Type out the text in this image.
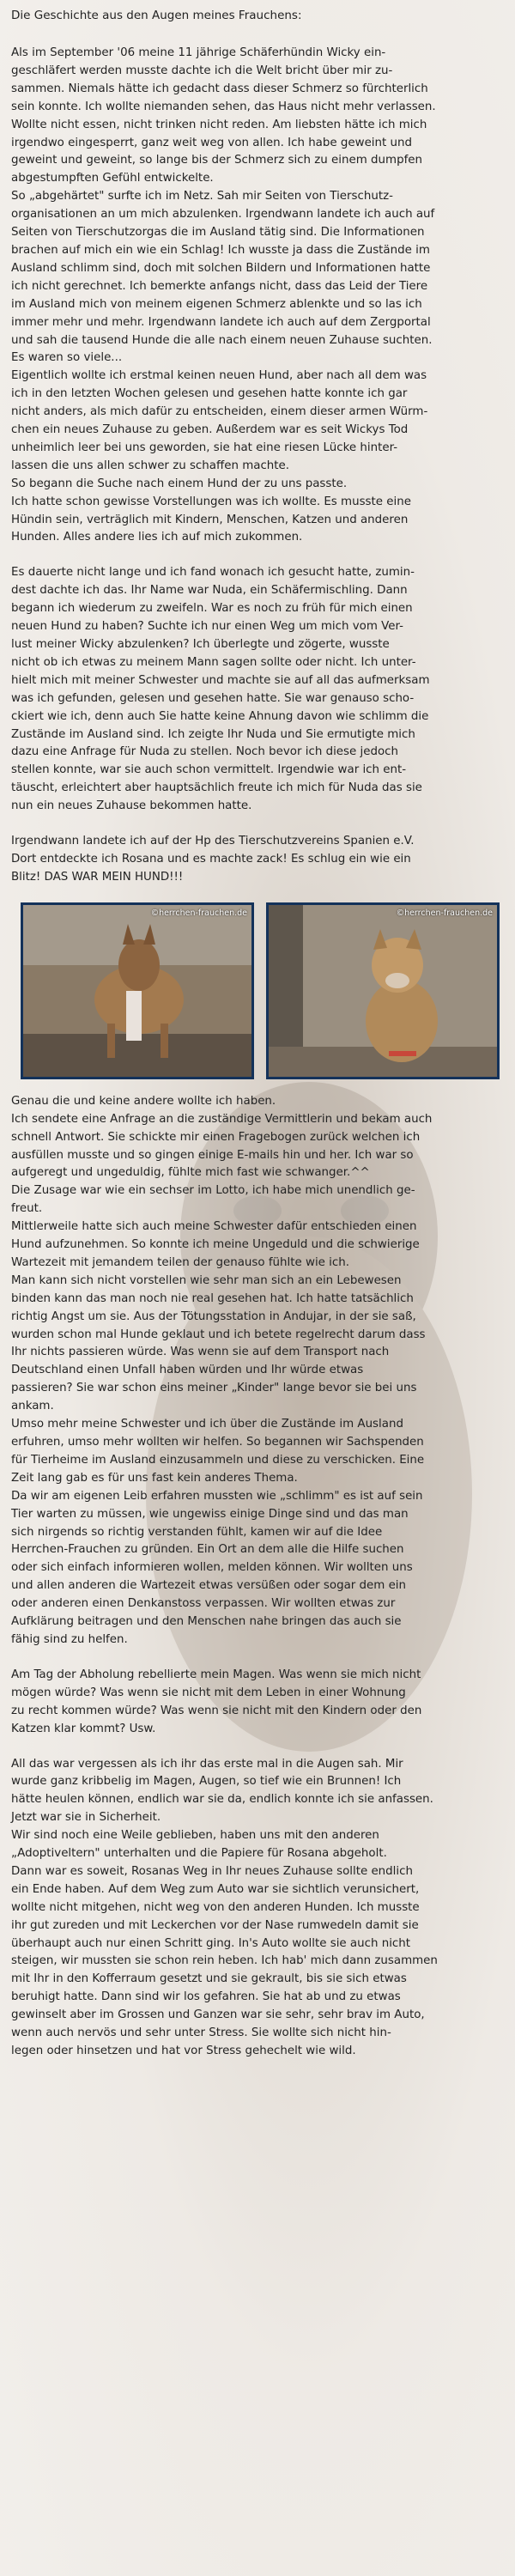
Die Geschichte aus den Augen meines Frauchens:

Als im September '06 meine 11 jährige Schäferhündin Wicky ein-
geschläfert werden musste dachte ich die Welt bricht über mir zu-
sammen. Niemals hätte ich gedacht dass dieser Schmerz so fürchterlich
sein konnte. Ich wollte niemanden sehen, das Haus nicht mehr verlassen.
Wollte nicht essen, nicht trinken nicht reden. Am liebsten hätte ich mich
irgendwo eingesperrt, ganz weit weg von allen. Ich habe geweint und
geweint und geweint, so lange bis der Schmerz sich zu einem dumpfen
abgestumpften Gefühl entwickelte.
So „abgehärtet" surfte ich im Netz. Sah mir Seiten von Tierschutz-
organisationen an um mich abzulenken. Irgendwann landete ich auch auf
Seiten von Tierschutzorgas die im Ausland tätig sind. Die Informationen
brachen auf mich ein wie ein Schlag! Ich wusste ja dass die Zustände im
Ausland schlimm sind, doch mit solchen Bildern und Informationen hatte
ich nicht gerechnet. Ich bemerkte anfangs nicht, dass das Leid der Tiere
im Ausland mich von meinem eigenen Schmerz ablenkte und so las ich
immer mehr und mehr. Irgendwann landete ich auch auf dem Zergportal
und sah die tausend Hunde die alle nach einem neuen Zuhause suchten.
Es waren so viele...
Eigentlich wollte ich erstmal keinen neuen Hund, aber nach all dem was
ich in den letzten Wochen gelesen und gesehen hatte konnte ich gar
nicht anders, als mich dafür zu entscheiden, einem dieser armen Würm-
chen ein neues Zuhause zu geben. Außerdem war es seit Wickys Tod
unheimlich leer bei uns geworden, sie hat eine riesen Lücke hinter-
lassen die uns allen schwer zu schaffen machte.
So begann die Suche nach einem Hund der zu uns passte.
Ich hatte schon gewisse Vorstellungen was ich wollte. Es musste eine
Hündin sein, verträglich mit Kindern, Menschen, Katzen und anderen
Hunden. Alles andere lies ich auf mich zukommen.

Es dauerte nicht lange und ich fand wonach ich gesucht hatte, zumin-
dest dachte ich das. Ihr Name war Nuda, ein Schäfermischling. Dann
begann ich wiederum zu zweifeln. War es noch zu früh für mich einen
neuen Hund zu haben? Suchte ich nur einen Weg um mich vom Ver-
lust meiner Wicky abzulenken? Ich überlegte und zögerte, wusste
nicht ob ich etwas zu meinem Mann sagen sollte oder nicht. Ich unter-
hielt mich mit meiner Schwester und machte sie auf all das aufmerksam
was ich gefunden, gelesen und gesehen hatte. Sie war genauso scho-
ckiert wie ich, denn auch Sie hatte keine Ahnung davon wie schlimm die
Zustände im Ausland sind. Ich zeigte Ihr Nuda und Sie ermutigte mich
dazu eine Anfrage für Nuda zu stellen. Noch bevor ich diese jedoch
stellen konnte, war sie auch schon vermittelt. Irgendwie war ich ent-
täuscht, erleichtert aber hauptsächlich freute ich mich für Nuda das sie
nun ein neues Zuhause bekommen hatte.

Irgendwann landete ich auf der Hp des Tierschutzvereins Spanien e.V.
Dort entdeckte ich Rosana und es machte zack! Es schlug ein wie ein
Blitz! DAS WAR MEIN HUND!!!

©herrchen-frauchen.de	©herrchen-frauchen.de

Genau die und keine andere wollte ich haben.
Ich sendete eine Anfrage an die zuständige Vermittlerin und bekam auch
schnell Antwort. Sie schickte mir einen Fragebogen zurück welchen ich
ausfüllen musste und so gingen einige E-mails hin und her. Ich war so
aufgeregt und ungeduldig, fühlte mich fast wie schwanger.^^
Die Zusage war wie ein sechser im Lotto, ich habe mich unendlich ge-
freut.
Mittlerweile hatte sich auch meine Schwester dafür entschieden einen
Hund aufzunehmen. So konnte ich meine Ungeduld und die schwierige
Wartezeit mit jemandem teilen der genauso fühlte wie ich.
Man kann sich nicht vorstellen wie sehr man sich an ein Lebewesen
binden kann das man noch nie real gesehen hat. Ich hatte tatsächlich
richtig Angst um sie. Aus der Tötungsstation in Andujar, in der sie saß,
wurden schon mal Hunde geklaut und ich betete regelrecht darum dass
Ihr nichts passieren würde. Was wenn sie auf dem Transport nach
Deutschland einen Unfall haben würden und Ihr würde etwas
passieren? Sie war schon eins meiner „Kinder" lange bevor sie bei uns
ankam.
Umso mehr meine Schwester und ich über die Zustände im Ausland
erfuhren, umso mehr wollten wir helfen. So begannen wir Sachspenden
für Tierheime im Ausland einzusammeln und diese zu verschicken. Eine
Zeit lang gab es für uns fast kein anderes Thema.
Da wir am eigenen Leib erfahren mussten wie „schlimm" es ist auf sein
Tier warten zu müssen, wie ungewiss einige Dinge sind und das man
sich nirgends so richtig verstanden fühlt, kamen wir auf die Idee
Herrchen-Frauchen zu gründen. Ein Ort an dem alle die Hilfe suchen
oder sich einfach informieren wollen, melden können. Wir wollten uns
und allen anderen die Wartezeit etwas versüßen oder sogar dem ein
oder anderen einen Denkanstoss verpassen. Wir wollten etwas zur
Aufklärung beitragen und den Menschen nahe bringen das auch sie
fähig sind zu helfen.

Am Tag der Abholung rebellierte mein Magen. Was wenn sie mich nicht
mögen würde? Was wenn sie nicht mit dem Leben in einer Wohnung
zu recht kommen würde? Was wenn sie nicht mit den Kindern oder den
Katzen klar kommt? Usw.

All das war vergessen als ich ihr das erste mal in die Augen sah. Mir
wurde ganz kribbelig im Magen, Augen, so tief wie ein Brunnen! Ich
hätte heulen können, endlich war sie da, endlich konnte ich sie anfassen.
Jetzt war sie in Sicherheit.
Wir sind noch eine Weile geblieben, haben uns mit den anderen
„Adoptiveltern" unterhalten und die Papiere für Rosana abgeholt.
Dann war es soweit, Rosanas Weg in Ihr neues Zuhause sollte endlich
ein Ende haben. Auf dem Weg zum Auto war sie sichtlich verunsichert,
wollte nicht mitgehen, nicht weg von den anderen Hunden. Ich musste
ihr gut zureden und mit Leckerchen vor der Nase rumwedeln damit sie
überhaupt auch nur einen Schritt ging. In's Auto wollte sie auch nicht
steigen, wir mussten sie schon rein heben. Ich hab' mich dann zusammen
mit Ihr in den Kofferraum gesetzt und sie gekrault, bis sie sich etwas
beruhigt hatte. Dann sind wir los gefahren. Sie hat ab und zu etwas
gewinselt aber im Grossen und Ganzen war sie sehr, sehr brav im Auto,
wenn auch nervös und sehr unter Stress. Sie wollte sich nicht hin-
legen oder hinsetzen und hat vor Stress gehechelt wie wild.
